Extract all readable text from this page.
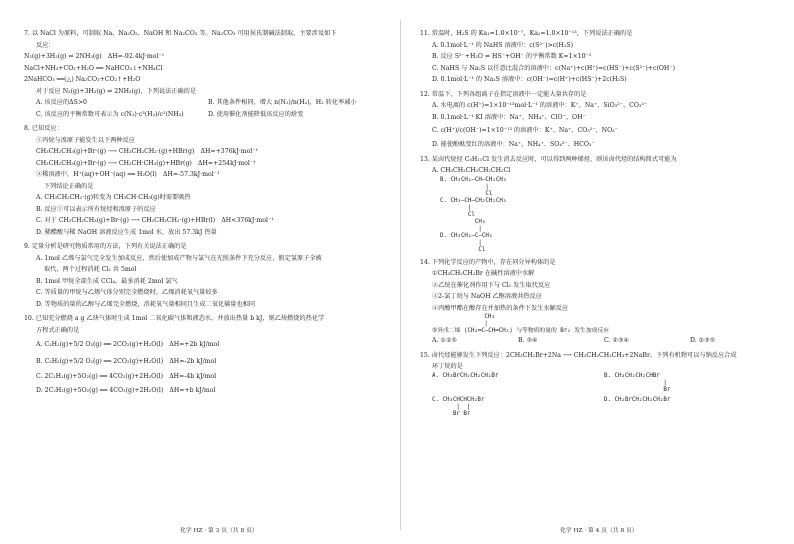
7. 以 NaCl 为原料，可制取 Na、Na₂O₂、NaOH 和 Na₂CO₃ 等。Na₂CO₃ 可用侯氏制碱法制取，主要涉及如下

反应：

N₂(g)+3H₂(g) ⇌ 2NH₃(g)　ΔH=-92.4kJ·mol⁻¹

NaCl+NH₃+CO₂+H₂O ══ NaHCO₃↓+NH₄Cl

2NaHCO₃ ══(△) Na₂CO₃+CO₂↑+H₂O

对于反应 N₂(g)+3H₂(g) ⇌ 2NH₃(g)，下列说法正确的是

A. 该反应的ΔS>0	B. 其他条件相同，增大 n(N₂)/n(H₂)，H₂ 转化率减小
C. 该反应的平衡常数可表示为 c(N₂)·c³(H₂)/c²(NH₃)	D. 使用催化剂能降低该反应的焓变

8. 已知反应：

①丙烷与溴原子能发生以下两种反应

CH₃CH₂CH₃(g)+Br·(g) ⟶ CH₃CH₂CH₂·(g)+HBr(g)　ΔH=+376kJ·mol⁻¹

CH₃CH₂CH₃(g)+Br·(g) ⟶ CH₃CH·CH₃(g)+HBr(g)　ΔH=+254kJ·mol⁻¹

②稀溶液中，H⁺(aq)+OH⁻(aq) ══ H₂O(l)　ΔH=-57.3kJ·mol⁻¹

下列结论正确的是

A. CH₃CH₂CH₂·(g)转变为 CH₃CH·CH₃(g)时需要吸热

B. 反应①可以表示所有烷烃和溴原子的反应

C. 对于 CH₃CH₂CH₃(g)+Br·(g) ⟶ CH₃CH₂CH₂·(g)+HBr(l)　ΔH<376kJ·mol⁻¹

D. 稀醋酸与稀 NaOH 溶液反应生成 1mol 水，放出 57.3kJ 热量

9. 定量分析是研究物质常用的方法，下列有关说法正确的是

A. 1mol 乙烯与氯气完全发生加成反应，然后使加成产物与氯气在光照条件下充分反应，假定氢原子全被

取代，两个过程消耗 Cl₂ 共 5mol

B. 1mol 甲烷全部生成 CCl₄，最多消耗 2mol 氯气

C. 等质量的甲烷与乙烯气体分别完全燃烧时，乙烯消耗氧气量较多

D. 等物质的量的乙醇与乙烯完全燃烧，消耗氧气量相同且生成二氧化碳量也相同

10. 已知充分燃烧 a g 乙炔气体时生成 1mol 二氧化碳气体和液态水，并放出热量 b kJ，则乙炔燃烧的热化学

方程式正确的是

A. C₂H₂(g)+5/2 O₂(g) ══ 2CO₂(g)+H₂O(l)　ΔH=+2b kJ/mol

B. C₂H₂(g)+5/2 O₂(g) ══ 2CO₂(g)+H₂O(l)　ΔH=-2b kJ/mol

C. 2C₂H₂(g)+5O₂(g) ══ 4CO₂(g)+2H₂O(l)　ΔH=-4b kJ/mol

D. 2C₂H₂(g)+5O₂(g) ══ 4CO₂(g)+2H₂O(l)　ΔH=+b kJ/mol

11. 常温时，H₂S 的 Ka₁=1.0×10⁻⁷，Ka₂=1.0×10⁻¹³，下列说法正确的是

A. 0.1mol·L⁻¹ 的 NaHS 溶液中：c(S²⁻)>c(H₂S)

B. 反应 S²⁻+H₂O ⇌ HS⁻+OH⁻ 的平衡常数 K=1×10⁻²

C. NaHS 与 Na₂S 以任意比混合的溶液中：c(Na⁺)+c(H⁺)=c(HS⁻)+c(S²⁻)+c(OH⁻)

D. 0.1mol·L⁻¹ 的 Na₂S 溶液中：c(OH⁻)=c(H⁺)+c(HS⁻)+2c(H₂S)

12. 常温下，下列各组离子在指定溶液中一定能大量共存的是

A. 水电离的 c(H⁺)=1×10⁻¹³mol·L⁻¹ 的溶液中：K⁺、Na⁺、SiO₃²⁻、CO₃²⁻

B. 0.1mol·L⁻¹ KI 溶液中：Na⁺、NH₄⁺、ClO⁻、OH⁻

C. c(H⁺)/c(OH⁻)=1×10⁻¹² 的溶液中：K⁺、Na⁺、CO₃²⁻、NO₃⁻

D. 能使酚酞变红的溶液中：Na⁺、NH₄⁺、SO₄²⁻、HCO₃⁻

13. 某卤代烷烃 C₅H₁₁Cl 发生消去反应时，可以得到两种烯烃，则该卤代烃的结构简式可能为

A. CH₃CH₂CH₂CH₂CH₂Cl

B. CH₃CH₂—CH—CH₂CH₃
|
Cl
C. CH₃—CH—CH₂CH₂CH₃
|
Cl
CH₃
|
D. CH₃CH₂—C—CH₃
|
Cl

14. 下列化学反应的产物中，存在同分异构体的是

①CH₃CH₂CH₂Br 在碱性溶液中水解

②乙烷在催化剂作用下与 Cl₂ 发生取代反应

③2-氯丁烷与 NaOH 乙醇溶液共热反应

④丙酸甲酯在酸存在并加热的条件下发生水解反应

CH₃
|
⑤异戊二烯 (CH₂═C—CH═CH₂) 与等物质的量的 Br₂ 发生加成反应
A. ①②⑤	B. ③④	C. ②③④	D. ②③⑤

15. 卤代烃能够发生下列反应：2CH₃CH₂Br+2Na ⟶ CH₃CH₂CH₂CH₃+2NaBr。下列有机物可以与钠反应合成

环丁烷的是

A. CH₃BrCH₂CH₂CH₂Br	B. CH₃CH₂CH₂CHBr
|
Br
C. CH₃CHCHCH₂Br
|  |
Br Br
D. CH₂BrCH₂CH₂CH₂Br
化学 HZ · 第 3 页（共 8 页）	化学 HZ · 第 4 页（共 8 页）
